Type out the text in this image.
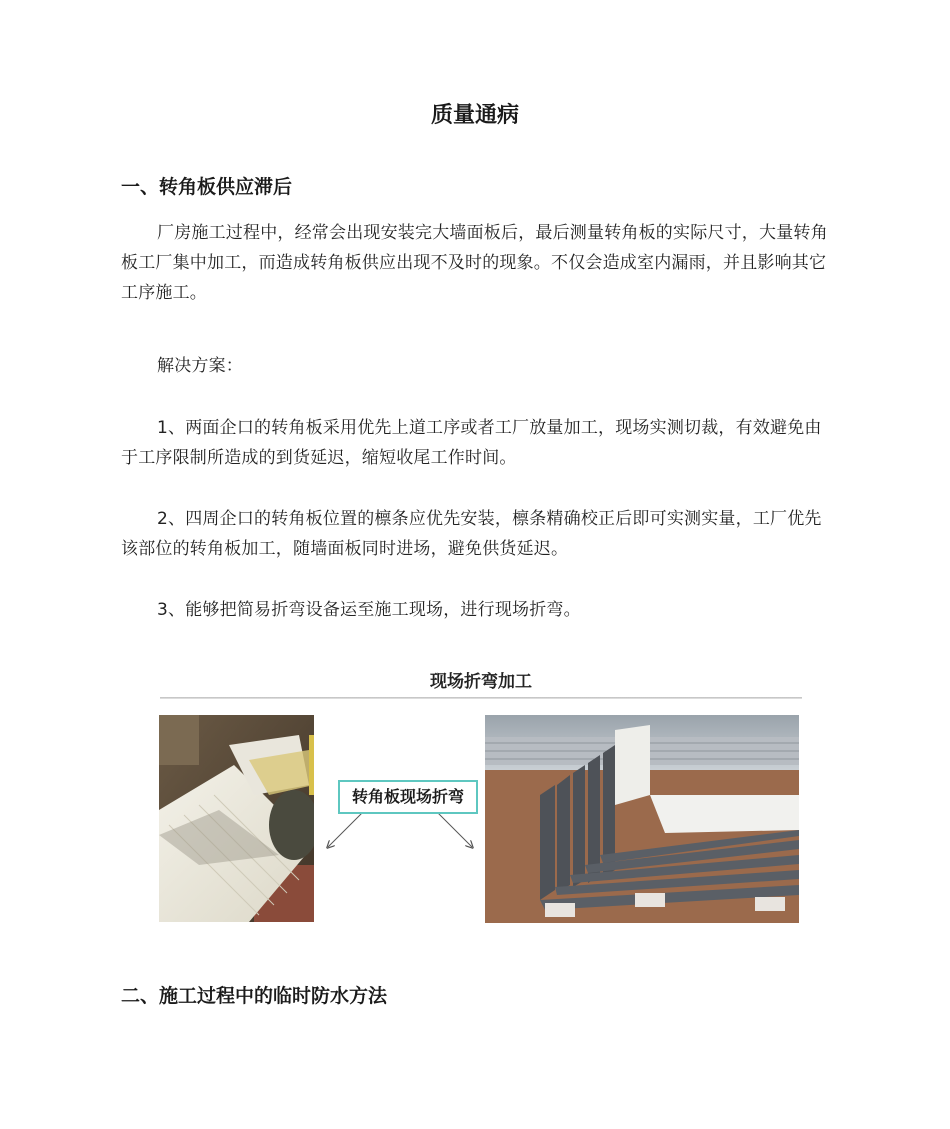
质量通病
一、转角板供应滞后

厂房施工过程中，经常会出现安装完大墙面板后，最后测量转角板的实际尺寸，大量转角板工厂集中加工，而造成转角板供应出现不及时的现象。不仅会造成室内漏雨，并且影响其它工序施工。

解决方案：

1、两面企口的转角板采用优先上道工序或者工厂放量加工，现场实测切裁，有效避免由于工序限制所造成的到货延迟，缩短收尾工作时间。

2、四周企口的转角板位置的檩条应优先安装，檩条精确校正后即可实测实量，工厂优先该部位的转角板加工，随墙面板同时进场，避免供货延迟。

3、能够把简易折弯设备运至施工现场，进行现场折弯。

现场折弯加工
转角板现场折弯
二、施工过程中的临时防水方法
